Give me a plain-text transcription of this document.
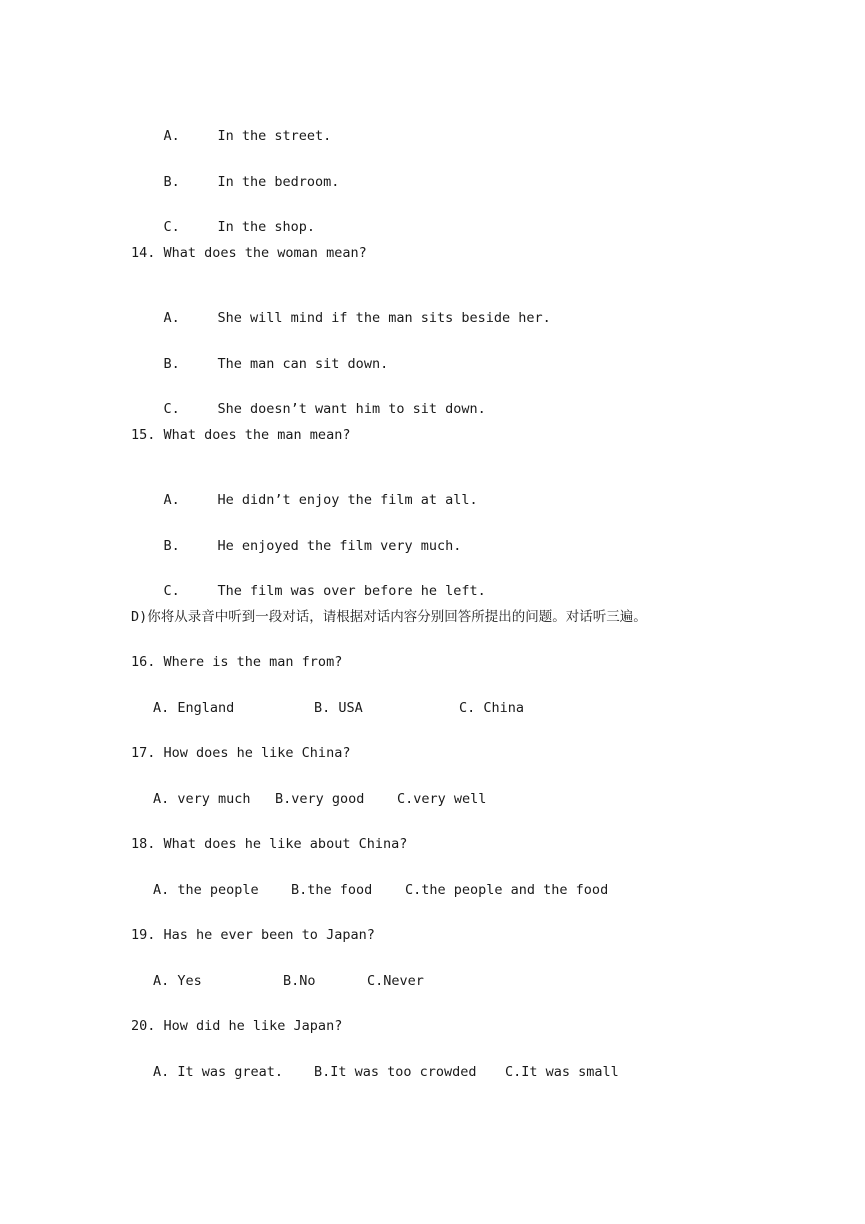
A.	In the street.

B.	In the bedroom.

C.	In the shop.

14. What does the woman mean?

A.	She will mind if the man sits beside her.

B.	The man can sit down.

C.	She doesn’t want him to sit down.

15. What does the man mean?

A.	He didn’t enjoy the film at all.

B.	He enjoyed the film very much.

C.	The film was over before he left.

D)你将从录音中听到一段对话，请根据对话内容分别回答所提出的问题。对话听三遍。
16. Where is the man from?

A. England

	B. USA

	C. China

17. How does he like China?

A. very much

B.very good

C.very well

18. What does he like about China?

A. the people

B.the food

C.the people and the food

19. Has he ever been to Japan?

A. Yes

	B.No

	C.Never

20. How did he like Japan?

A. It was great.

B.It was too crowded

C.It was small
